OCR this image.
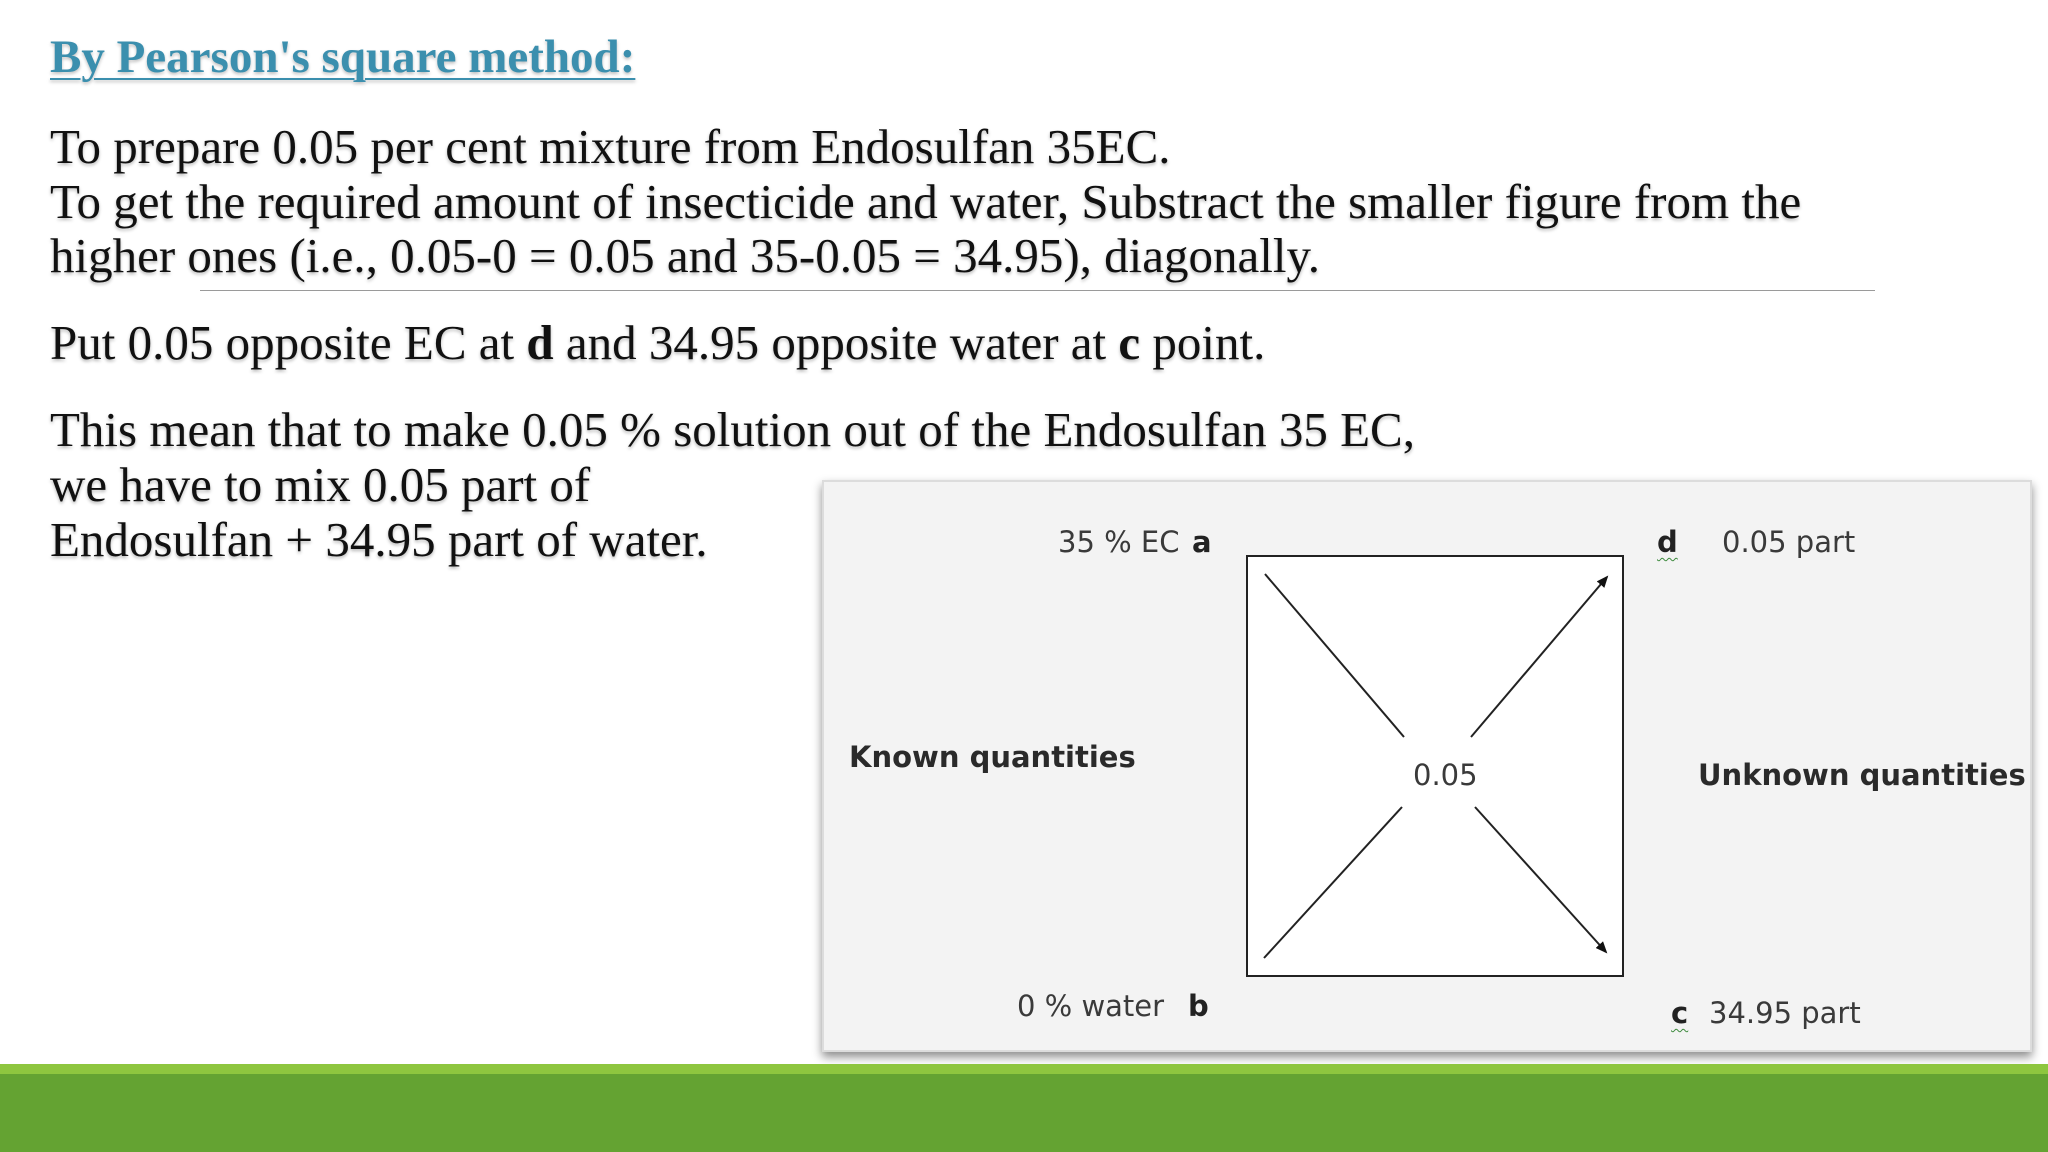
By Pearson's square method:
To prepare 0.05 per cent mixture from Endosulfan 35EC.
To get the required amount of insecticide and water, Substract the smaller figure from the
higher ones (i.e., 0.05-0 = 0.05 and 35-0.05 = 34.95), diagonally.
Put 0.05 opposite EC at d and 34.95 opposite water at c point.
This mean that to make 0.05 % solution out of the Endosulfan 35 EC,
we have to mix 0.05 part of
Endosulfan + 34.95 part of water.	35 % EC a
0 % water b
d 0.05 part
c 34.95 part
Known quantities
Unknown quantities
0.05
